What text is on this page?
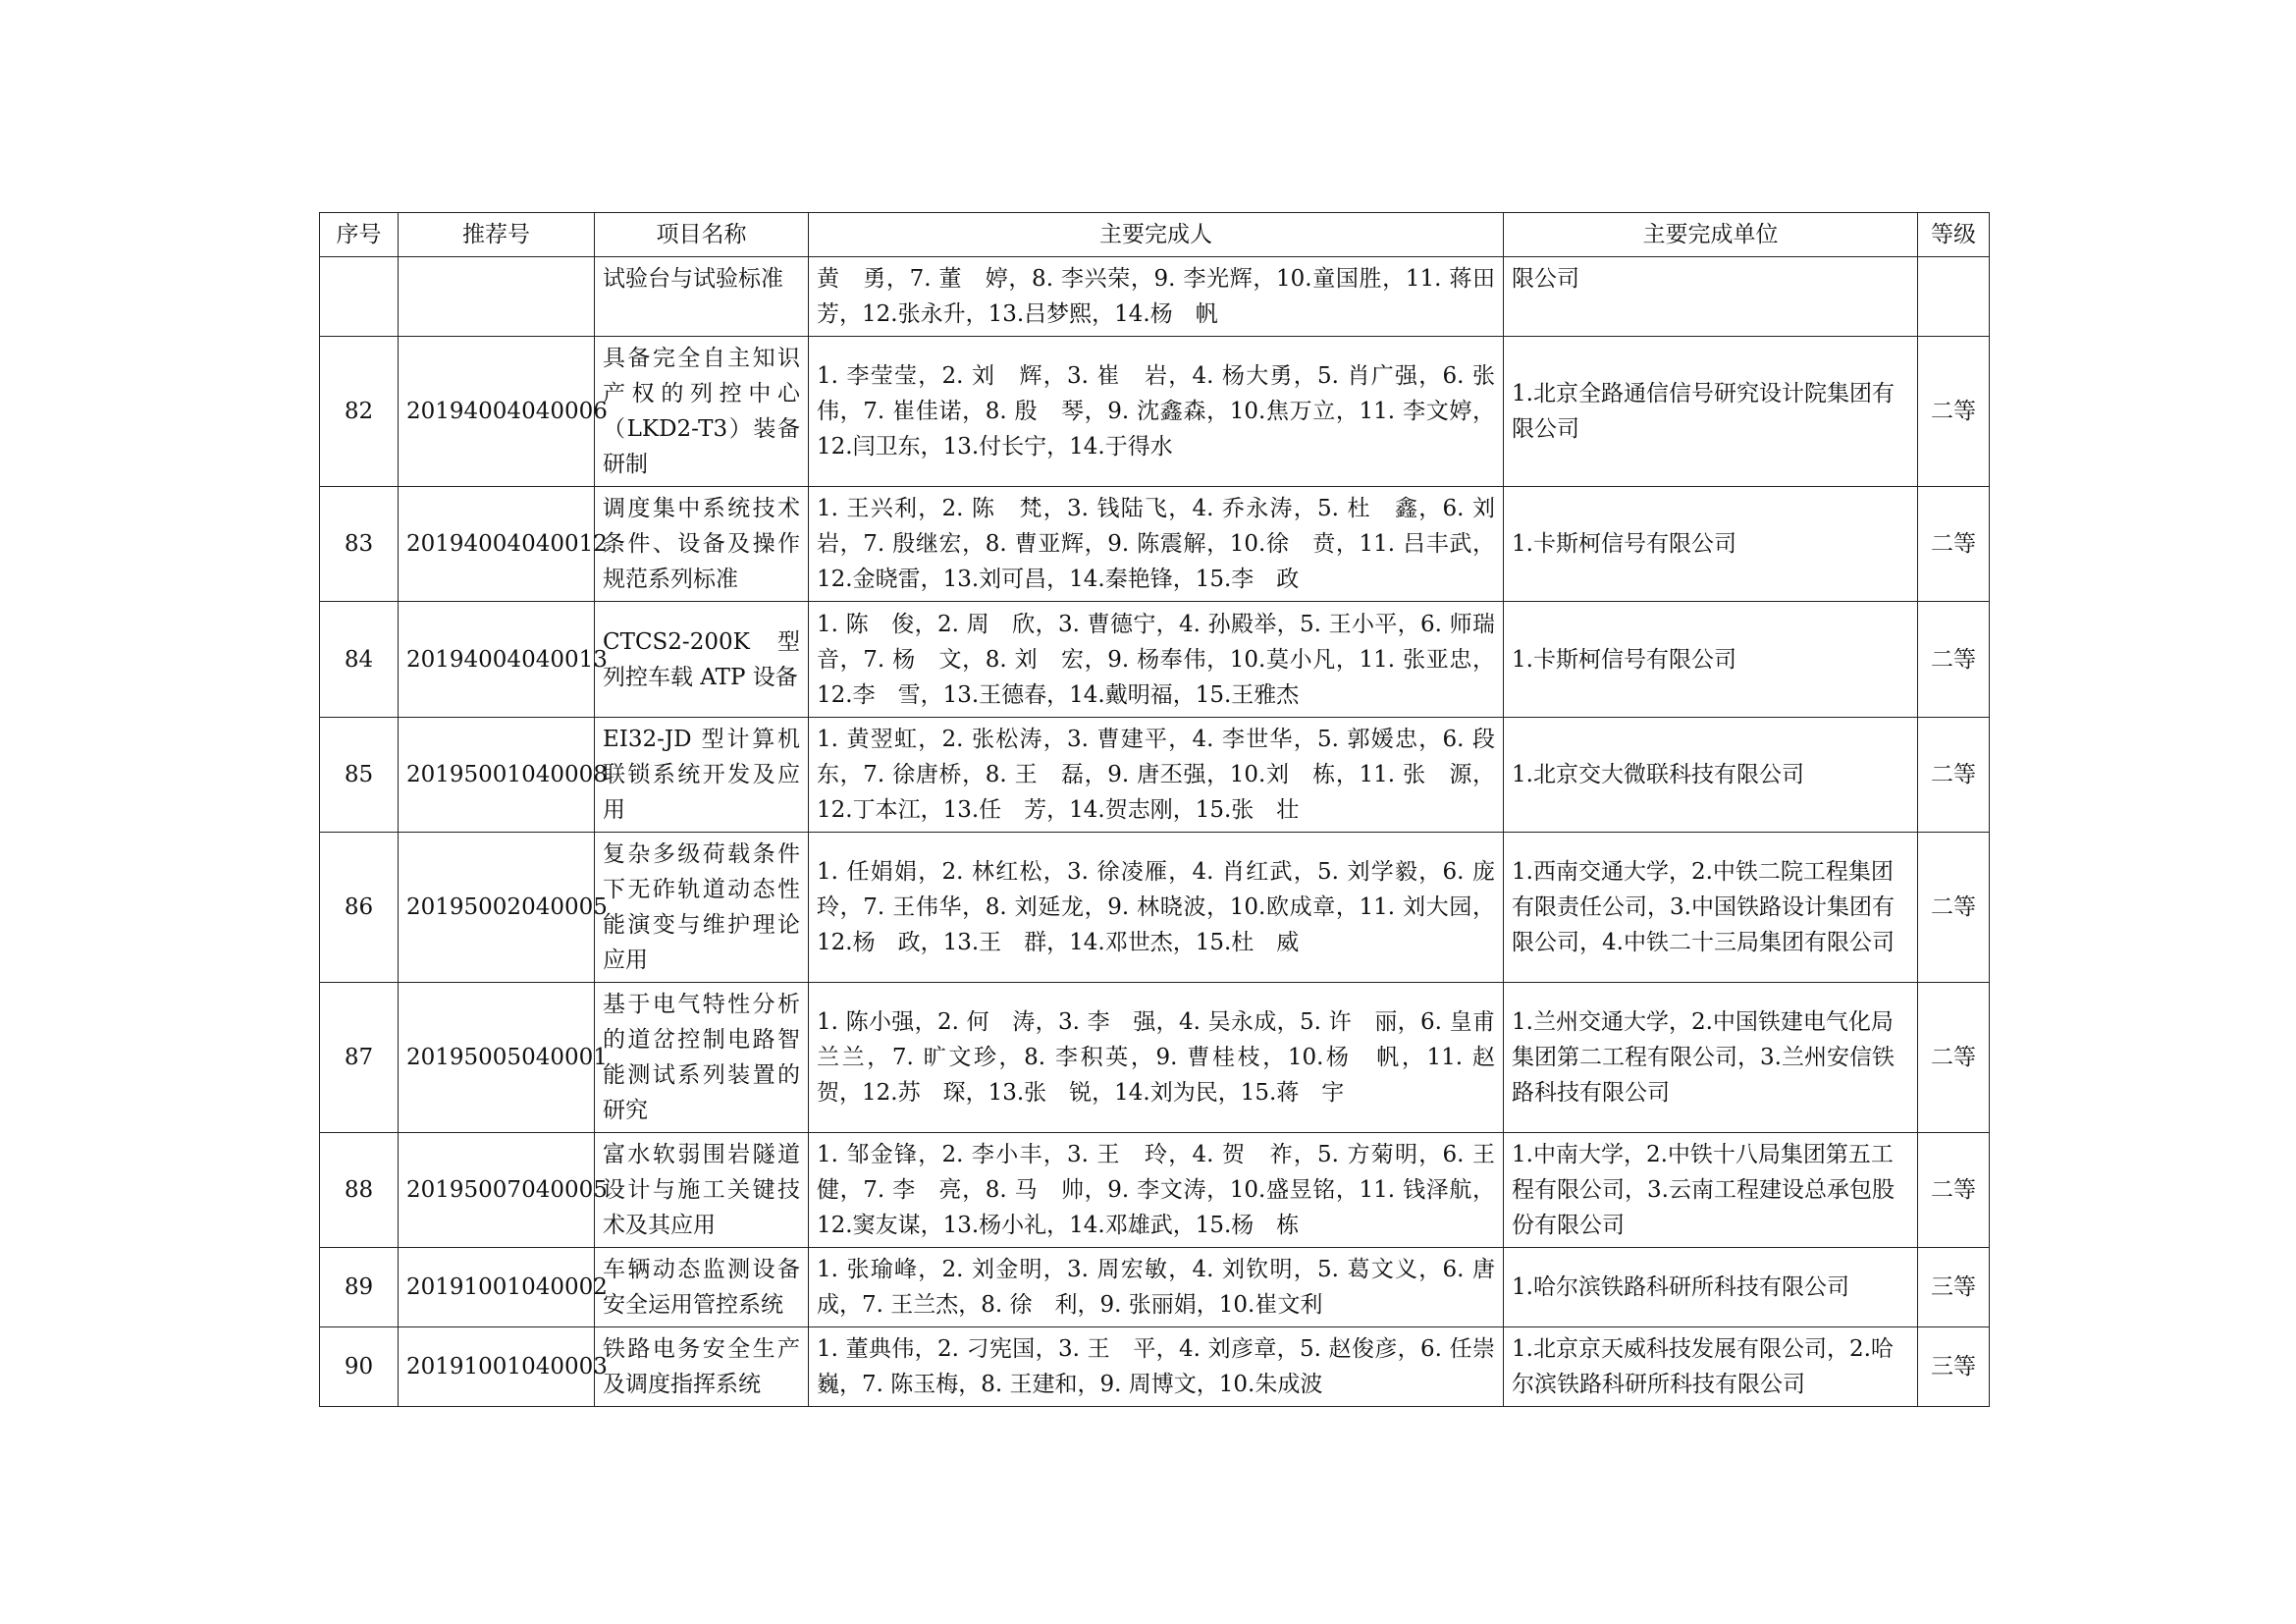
序号	推荐号	项目名称	主要完成人	主要完成单位	等级
		试验台与试验标准	黄　勇，7. 董　婷，8. 李兴荣，9. 李光辉，10.童国胜，11. 蒋田芳，12.张永升，13.吕梦熙，14.杨　帆	限公司	
82	20194004040006	具备完全自主知识产权的列控中心（LKD2-T3）装备研制	1. 李莹莹，2. 刘　辉，3. 崔　岩，4. 杨大勇，5. 肖广强，6. 张　伟，7. 崔佳诺，8. 殷　琴，9. 沈鑫森，10.焦万立，11. 李文婷，12.闫卫东，13.付长宁，14.于得水	1.北京全路通信信号研究设计院集团有限公司	二等
83	20194004040012	调度集中系统技术条件、设备及操作规范系列标准	1. 王兴利，2. 陈　梵，3. 钱陆飞，4. 乔永涛，5. 杜　鑫，6. 刘　岩，7. 殷继宏，8. 曹亚辉，9. 陈震解，10.徐　贲，11. 吕丰武，12.金晓雷，13.刘可昌，14.秦艳锋，15.李　政	1.卡斯柯信号有限公司	二等
84	20194004040013	CTCS2-200K 型列控车载 ATP 设备	1. 陈　俊，2. 周　欣，3. 曹德宁，4. 孙殿举，5. 王小平，6. 师瑞音，7. 杨　文，8. 刘　宏，9. 杨奉伟，10.莫小凡，11. 张亚忠，12.李　雪，13.王德春，14.戴明福，15.王雅杰	1.卡斯柯信号有限公司	二等
85	20195001040008	EI32-JD 型计算机联锁系统开发及应用	1. 黄翌虹，2. 张松涛，3. 曹建平，4. 李世华，5. 郭媛忠，6. 段　东，7. 徐唐桥，8. 王　磊，9. 唐丕强，10.刘　栋，11. 张　源，12.丁本江，13.任　芳，14.贺志刚，15.张　壮	1.北京交大微联科技有限公司	二等
86	20195002040005	复杂多级荷载条件下无砟轨道动态性能演变与维护理论应用	1. 任娟娟，2. 林红松，3. 徐凌雁，4. 肖红武，5. 刘学毅，6. 庞　玲，7. 王伟华，8. 刘延龙，9. 林晓波，10.欧成章，11. 刘大园，12.杨　政，13.王　群，14.邓世杰，15.杜　威	1.西南交通大学，2.中铁二院工程集团有限责任公司，3.中国铁路设计集团有限公司，4.中铁二十三局集团有限公司	二等
87	20195005040001	基于电气特性分析的道岔控制电路智能测试系列装置的研究	1. 陈小强，2. 何　涛，3. 李　强，4. 吴永成，5. 许　丽，6. 皇甫兰兰，7. 旷文珍，8. 李积英，9. 曹桂枝，10.杨　帆，11. 赵　贺，12.苏　琛，13.张　锐，14.刘为民，15.蒋　宇	1.兰州交通大学，2.中国铁建电气化局集团第二工程有限公司，3.兰州安信铁路科技有限公司	二等
88	20195007040005	富水软弱围岩隧道设计与施工关键技术及其应用	1. 邹金锋，2. 李小丰，3. 王　玲，4. 贺　祚，5. 方菊明，6. 王　健，7. 李　亮，8. 马　帅，9. 李文涛，10.盛昱铭，11. 钱泽航，12.窦友谋，13.杨小礼，14.邓雄武，15.杨　栋	1.中南大学，2.中铁十八局集团第五工程有限公司，3.云南工程建设总承包股份有限公司	二等
89	20191001040002	车辆动态监测设备安全运用管控系统	1. 张瑜峰，2. 刘金明，3. 周宏敏，4. 刘钦明，5. 葛文义，6. 唐　成，7. 王兰杰，8. 徐　利，9. 张丽娟，10.崔文利	1.哈尔滨铁路科研所科技有限公司	三等
90	20191001040003	铁路电务安全生产及调度指挥系统	1. 董典伟，2. 刁宪国，3. 王　平，4. 刘彦章，5. 赵俊彦，6. 任崇巍，7. 陈玉梅，8. 王建和，9. 周博文，10.朱成波	1.北京京天威科技发展有限公司，2.哈尔滨铁路科研所科技有限公司	三等
